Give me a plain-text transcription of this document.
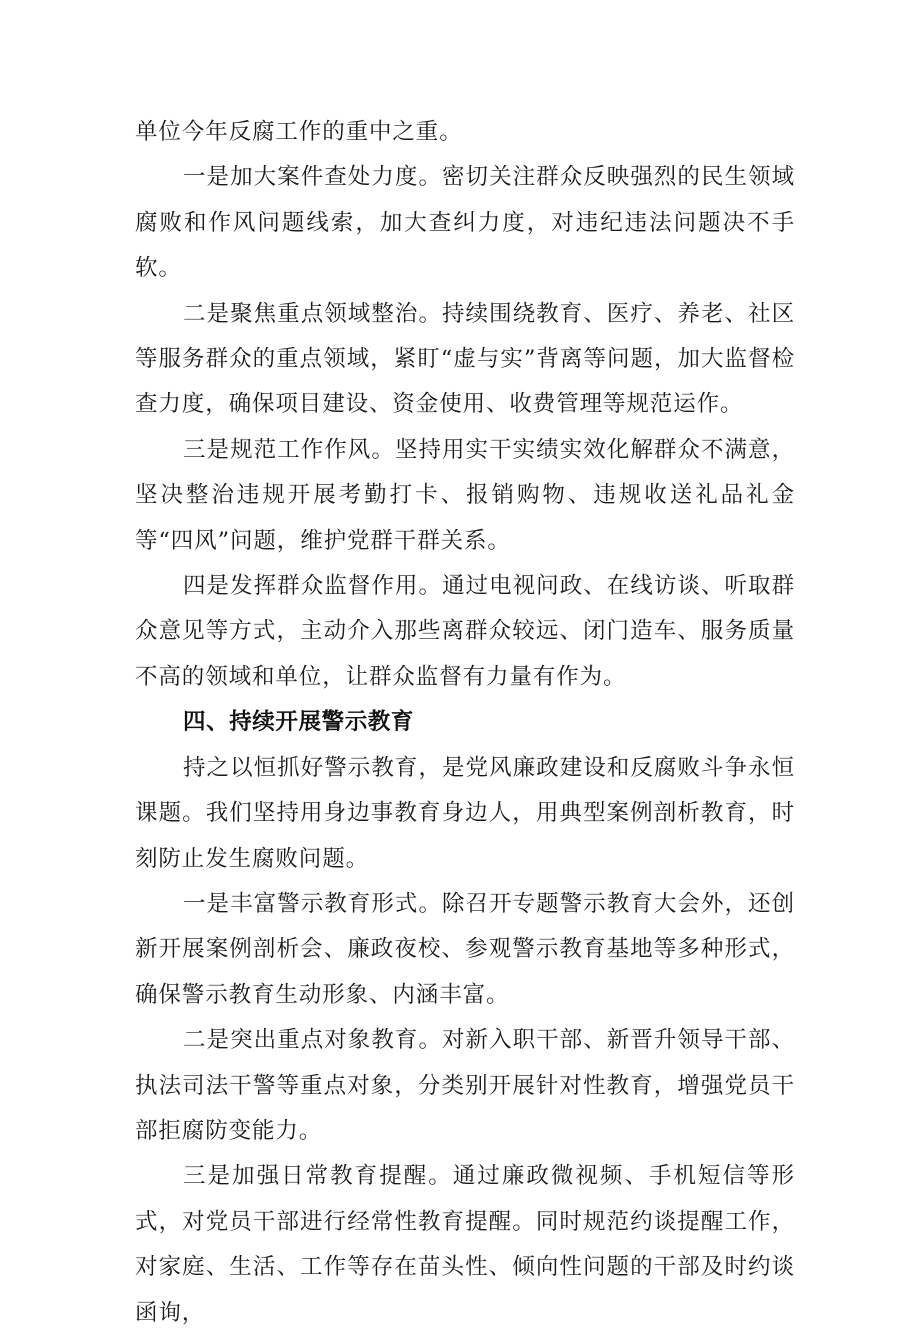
单位今年反腐工作的重中之重。

一是加大案件查处力度。密切关注群众反映强烈的民生领域腐败和作风问题线索，加大查纠力度，对违纪违法问题决不手软。

二是聚焦重点领域整治。持续围绕教育、医疗、养老、社区等服务群众的重点领域，紧盯“虚与实”背离等问题，加大监督检查力度，确保项目建设、资金使用、收费管理等规范运作。

三是规范工作作风。坚持用实干实绩实效化解群众不满意，坚决整治违规开展考勤打卡、报销购物、违规收送礼品礼金等“四风”问题，维护党群干群关系。

四是发挥群众监督作用。通过电视问政、在线访谈、听取群众意见等方式，主动介入那些离群众较远、闭门造车、服务质量不高的领域和单位，让群众监督有力量有作为。

四、持续开展警示教育

持之以恒抓好警示教育，是党风廉政建设和反腐败斗争永恒课题。我们坚持用身边事教育身边人，用典型案例剖析教育，时刻防止发生腐败问题。

一是丰富警示教育形式。除召开专题警示教育大会外，还创新开展案例剖析会、廉政夜校、参观警示教育基地等多种形式，确保警示教育生动形象、内涵丰富。

二是突出重点对象教育。对新入职干部、新晋升领导干部、执法司法干警等重点对象，分类别开展针对性教育，增强党员干部拒腐防变能力。

三是加强日常教育提醒。通过廉政微视频、手机短信等形式，对党员干部进行经常性教育提醒。同时规范约谈提醒工作，对家庭、生活、工作等存在苗头性、倾向性问题的干部及时约谈函询，
